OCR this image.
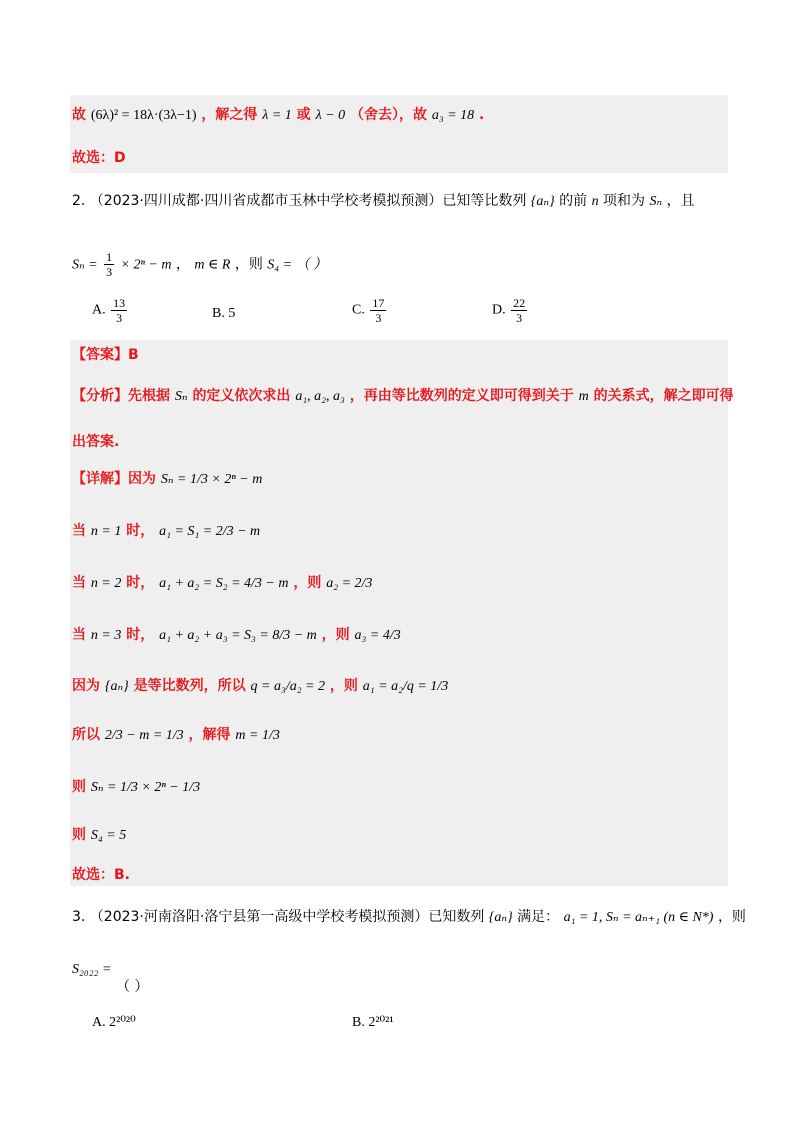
故 (6λ)² = 18λ·(3λ−1) ，解之得 λ = 1 或 λ − 0 （舍去），故 a₃ = 18 .
故选：D
2. （2023·四川成都·四川省成都市玉林中学校考模拟预测）已知等比数列 {aₙ} 的前 n 项和为 Sₙ ，且
$S_n = \frac{1}{3} \times 2^n - m$ ， m ∈ R ，则 S₄ = （ ）
A. $\frac{13}{3}$	B. 5	C. $\frac{17}{3}$	D. $\frac{22}{3}$
【答案】B
【分析】先根据 Sₙ 的定义依次求出 a₁, a₂, a₃ ，再由等比数列的定义即可得到关于 m 的关系式，解之即可得
出答案.
【详解】因为 Sₙ = 1/3 × 2ⁿ − m
当 n = 1 时， a₁ = S₁ = 2/3 − m
当 n = 2 时， a₁ + a₂ = S₂ = 4/3 − m ，则 a₂ = 2/3
当 n = 3 时， a₁ + a₂ + a₃ = S₃ = 8/3 − m ，则 a₃ = 4/3
因为 {aₙ} 是等比数列，所以 q = a₃/a₂ = 2 ，则 a₁ = a₂/q = 1/3
所以 2/3 − m = 1/3 ，解得 m = 1/3
则 Sₙ = 1/3 × 2ⁿ − 1/3
则 S₄ = 5
故选：B.
3. （2023·河南洛阳·洛宁县第一高级中学校考模拟预测）已知数列 {aₙ} 满足： a₁ = 1, Sₙ = aₙ₊₁ (n ∈ N*) ，则
S₂₀₂₂ =
（ ）
A. 2²⁰²⁰	B. 2²⁰²¹
